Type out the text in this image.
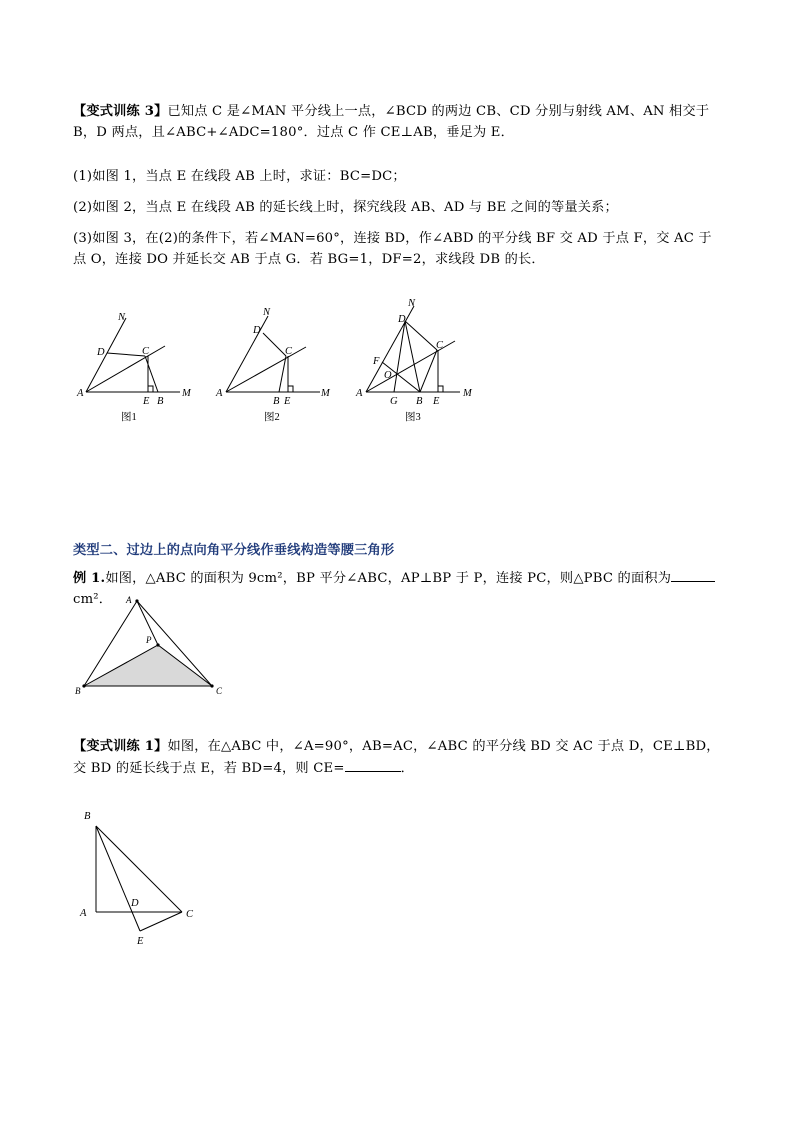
【变式训练 3】已知点 C 是∠MAN 平分线上一点，∠BCD 的两边 CB、CD 分别与射线 AM、AN 相交于 B，D 两点，且∠ABC+∠ADC=180°．过点 C 作 CE⊥AB，垂足为 E．
(1)如图 1，当点 E 在线段 AB 上时，求证：BC=DC；
(2)如图 2，当点 E 在线段 AB 的延长线上时，探究线段 AB、AD 与 BE 之间的等量关系；
(3)如图 3，在(2)的条件下，若∠MAN=60°，连接 BD，作∠ABD 的平分线 BF 交 AD 于点 F，交 AC 于点 O，连接 DO 并延长交 AB 于点 G．若 BG=1，DF=2，求线段 DB 的长．
N
D	C
A
E B
M
图1
N
D
C
A
B E
M
图2
N
D
F
C
O
A
G B E
M
图3
类型二、过边上的点向角平分线作垂线构造等腰三角形
例 1.如图，△ABC 的面积为 9cm²，BP 平分∠ABC，AP⊥BP 于 P，连接 PC，则△PBC 的面积为cm²．	A
P
B	C
【变式训练 1】如图，在△ABC 中，∠A=90°，AB=AC，∠ABC 的平分线 BD 交 AC 于点 D，CE⊥BD，交 BD 的延长线于点 E，若 BD=4，则 CE=	．
B
A
D
C
E
